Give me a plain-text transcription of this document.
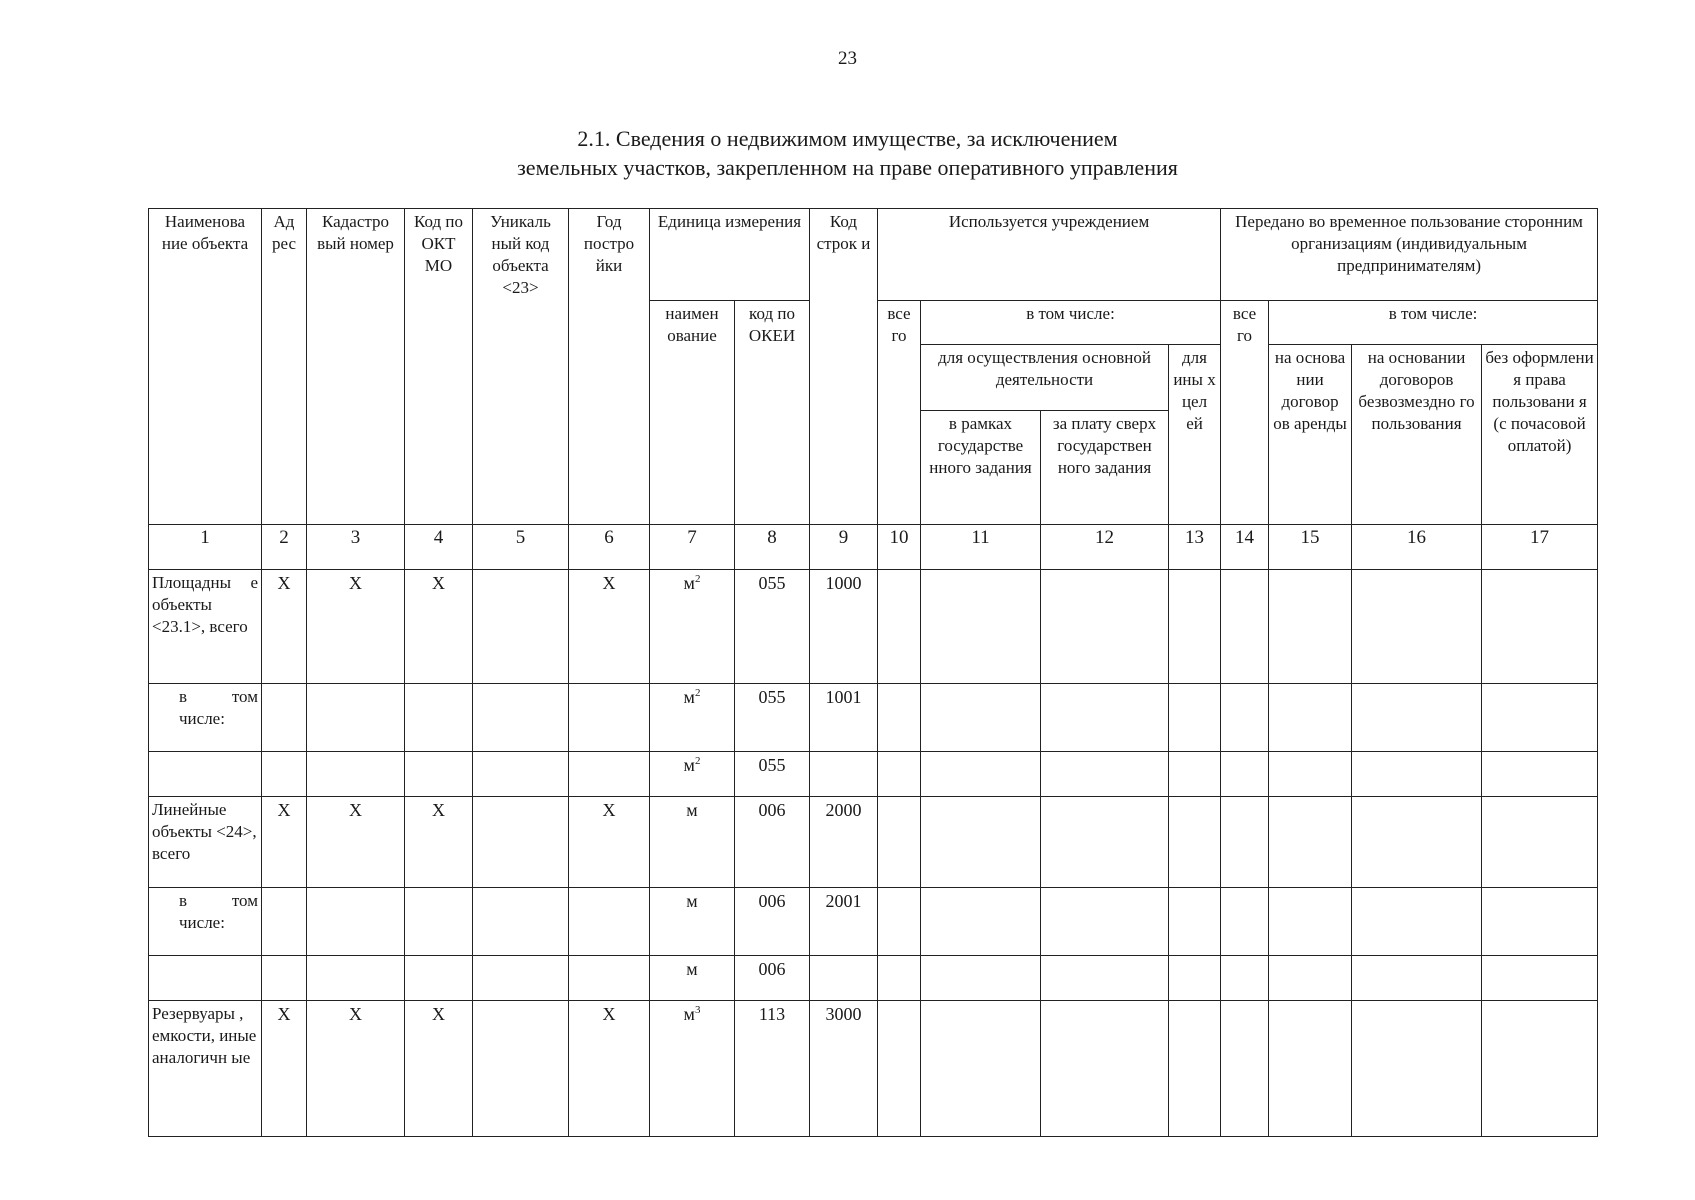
23
2.1. Сведения о недвижимом имуществе, за исключением
земельных участков, закрепленном на праве оперативного управления
Наименова ние объекта	Ад рес	Кадастро вый номер	Код по ОКТ МО	Уникаль ный код объекта <23>	Год постро йки	Единица измерения		Код строк и	Используется учреждением				Передано во временное пользование сторонним организациям (индивидуальным предпринимателям)			
						наимен ование	код по ОКЕИ		все го	в том числе:			все го	в том числе:		
										для осуществления основной деятельности		для ины х цел ей		на основа нии договор ов аренды	на основании договоров безвозмездно го пользования	без оформлени я права пользовани я (с почасовой оплатой)
										в рамках государстве нного задания	за плату сверх государствен ного задания					
1	2	3	4	5	6	7	8	9	10	11	12	13	14	15	16	17
Площадны е объекты <23.1>, всего	X	X	X		X	$м^2$	055	1000								
в том числе:						$м^2$	055	1001								
						$м^2$	055									
Линейные объекты <24>, всего	X	X	X		X	м	006	2000								
в том числе:						м	006	2001								
						м	006									
Резервуары , емкости, иные аналогичн ые	X	X	X		X	$м^3$	113	3000								
